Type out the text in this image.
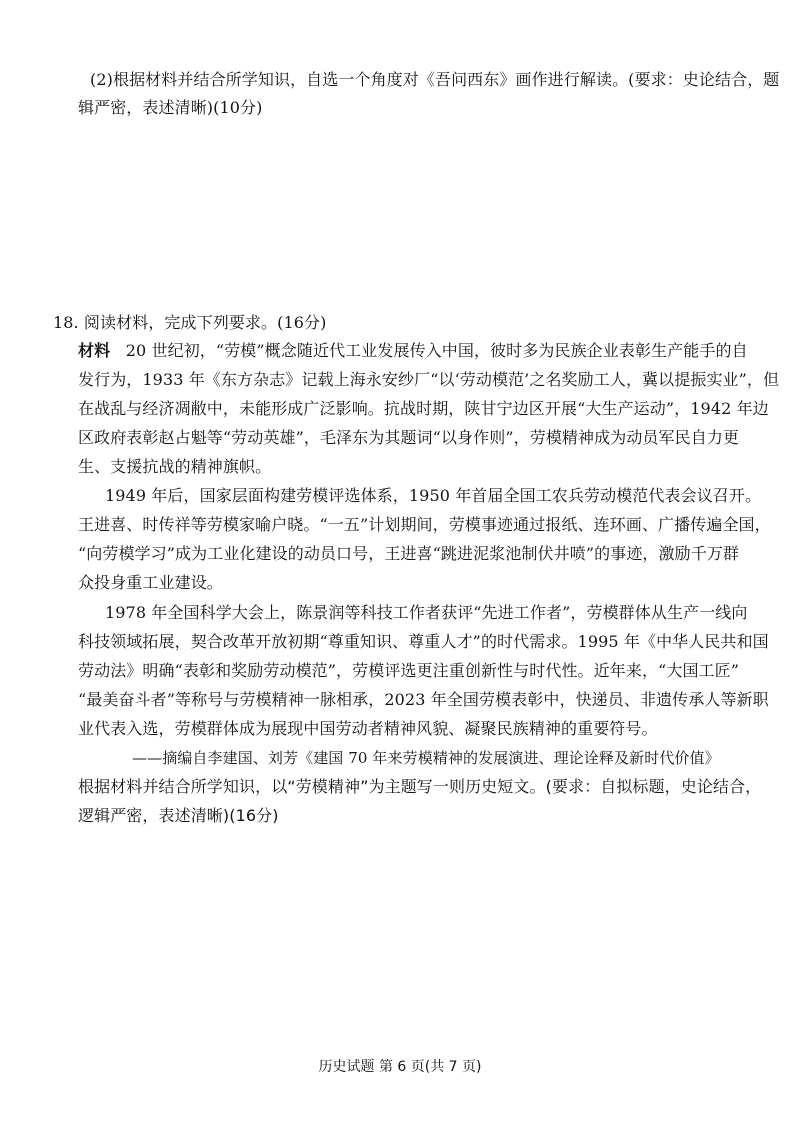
(2)根据材料并结合所学知识，自选一个角度对《吾问西东》画作进行解读。(要求：史论结合，题
辑严密，表述清晰)(10分)
18. 阅读材料，完成下列要求。(16分)
材料 20 世纪初，“劳模”概念随近代工业发展传入中国，彼时多为民族企业表彰生产能手的自
发行为，1933 年《东方杂志》记载上海永安纱厂“以‘劳动模范’之名奖励工人，冀以提振实业”，但
在战乱与经济凋敝中，未能形成广泛影响。抗战时期，陕甘宁边区开展“大生产运动”，1942 年边
区政府表彰赵占魁等“劳动英雄”，毛泽东为其题词“以身作则”，劳模精神成为动员军民自力更
生、支援抗战的精神旗帜。
1949 年后，国家层面构建劳模评选体系，1950 年首届全国工农兵劳动模范代表会议召开。
王进喜、时传祥等劳模家喻户晓。“一五”计划期间，劳模事迹通过报纸、连环画、广播传遍全国，
“向劳模学习”成为工业化建设的动员口号，王进喜“跳进泥浆池制伏井喷”的事迹，激励千万群
众投身重工业建设。
1978 年全国科学大会上，陈景润等科技工作者获评“先进工作者”，劳模群体从生产一线向
科技领域拓展，契合改革开放初期“尊重知识、尊重人才”的时代需求。1995 年《中华人民共和国
劳动法》明确“表彰和奖励劳动模范”，劳模评选更注重创新性与时代性。近年来，“大国工匠”
“最美奋斗者”等称号与劳模精神一脉相承，2023 年全国劳模表彰中，快递员、非遗传承人等新职
业代表入选，劳模群体成为展现中国劳动者精神风貌、凝聚民族精神的重要符号。
——摘编自李建国、刘芳《建国 70 年来劳模精神的发展演进、理论诠释及新时代价值》
根据材料并结合所学知识，以“劳模精神”为主题写一则历史短文。(要求：自拟标题，史论结合，
逻辑严密，表述清晰)(16分)
历史试题 第 6 页(共 7 页)
